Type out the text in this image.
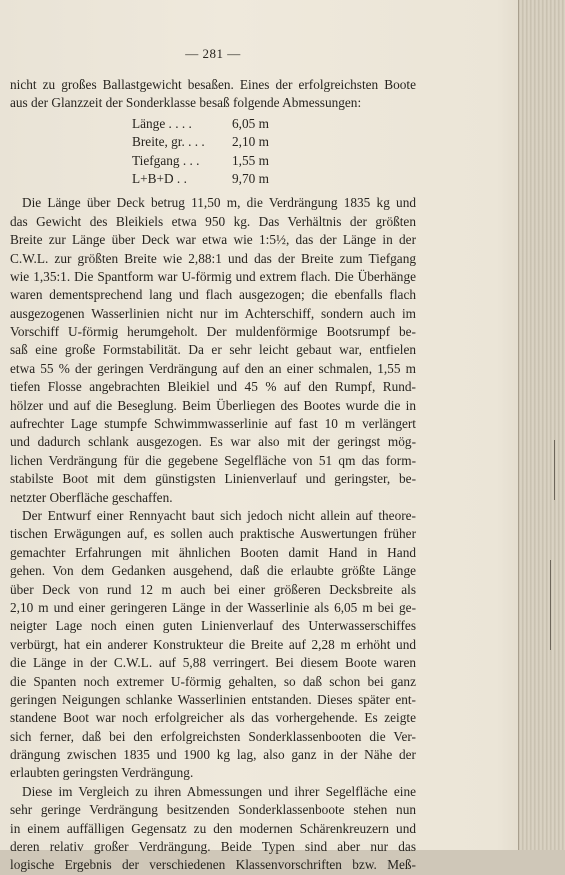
— 281 —
nicht zu großes Ballastgewicht besaßen. Eines der erfolgreichsten Boote
aus der Glanzzeit der Sonderklasse besaß folgende Abmessungen:
Länge . . . .	6,05 m
Breite, gr. . . .	2,10 m
Tiefgang . . .	1,55 m
L+B+D . .	9,70 m
Die Länge über Deck betrug 11,50 m, die Verdrängung 1835 kg und
das Gewicht des Bleikiels etwa 950 kg. Das Verhältnis der größten
Breite zur Länge über Deck war etwa wie 1:5½, das der Länge in der
C.W.L. zur größten Breite wie 2,88:1 und das der Breite zum Tiefgang
wie 1,35:1. Die Spantform war U-förmig und extrem flach. Die Überhänge
waren dementsprechend lang und flach ausgezogen; die ebenfalls flach
ausgezogenen Wasserlinien nicht nur im Achterschiff, sondern auch im
Vorschiff U-förmig herumgeholt. Der muldenförmige Bootsrumpf be-
saß eine große Formstabilität. Da er sehr leicht gebaut war, entfielen
etwa 55 % der geringen Verdrängung auf den an einer schmalen, 1,55 m
tiefen Flosse angebrachten Bleikiel und 45 % auf den Rumpf, Rund-
hölzer und auf die Beseglung. Beim Überliegen des Bootes wurde die in
aufrechter Lage stumpfe Schwimmwasserlinie auf fast 10 m verlängert
und dadurch schlank ausgezogen. Es war also mit der geringst mög-
lichen Verdrängung für die gegebene Segelfläche von 51 qm das form-
stabilste Boot mit dem günstigsten Linienverlauf und geringster, be-
netzter Oberfläche geschaffen.
Der Entwurf einer Rennyacht baut sich jedoch nicht allein auf theore-
tischen Erwägungen auf, es sollen auch praktische Auswertungen früher
gemachter Erfahrungen mit ähnlichen Booten damit Hand in Hand
gehen. Von dem Gedanken ausgehend, daß die erlaubte größte Länge
über Deck von rund 12 m auch bei einer größeren Decksbreite als
2,10 m und einer geringeren Länge in der Wasserlinie als 6,05 m bei ge-
neigter Lage noch einen guten Linienverlauf des Unterwasserschiffes
verbürgt, hat ein anderer Konstrukteur die Breite auf 2,28 m erhöht und
die Länge in der C.W.L. auf 5,88 verringert. Bei diesem Boote waren
die Spanten noch extremer U-förmig gehalten, so daß schon bei ganz
geringen Neigungen schlanke Wasserlinien entstanden. Dieses später ent-
standene Boot war noch erfolgreicher als das vorhergehende. Es zeigte
sich ferner, daß bei den erfolgreichsten Sonderklassenbooten die Ver-
drängung zwischen 1835 und 1900 kg lag, also ganz in der Nähe der
erlaubten geringsten Verdrängung.
Diese im Vergleich zu ihren Abmessungen und ihrer Segelfläche eine
sehr geringe Verdrängung besitzenden Sonderklassenboote stehen nun
in einem auffälligen Gegensatz zu den modernen Schärenkreuzern und
deren relativ großer Verdrängung. Beide Typen sind aber nur das
logische Ergebnis der verschiedenen Klassenvorschriften bzw. Meß-
